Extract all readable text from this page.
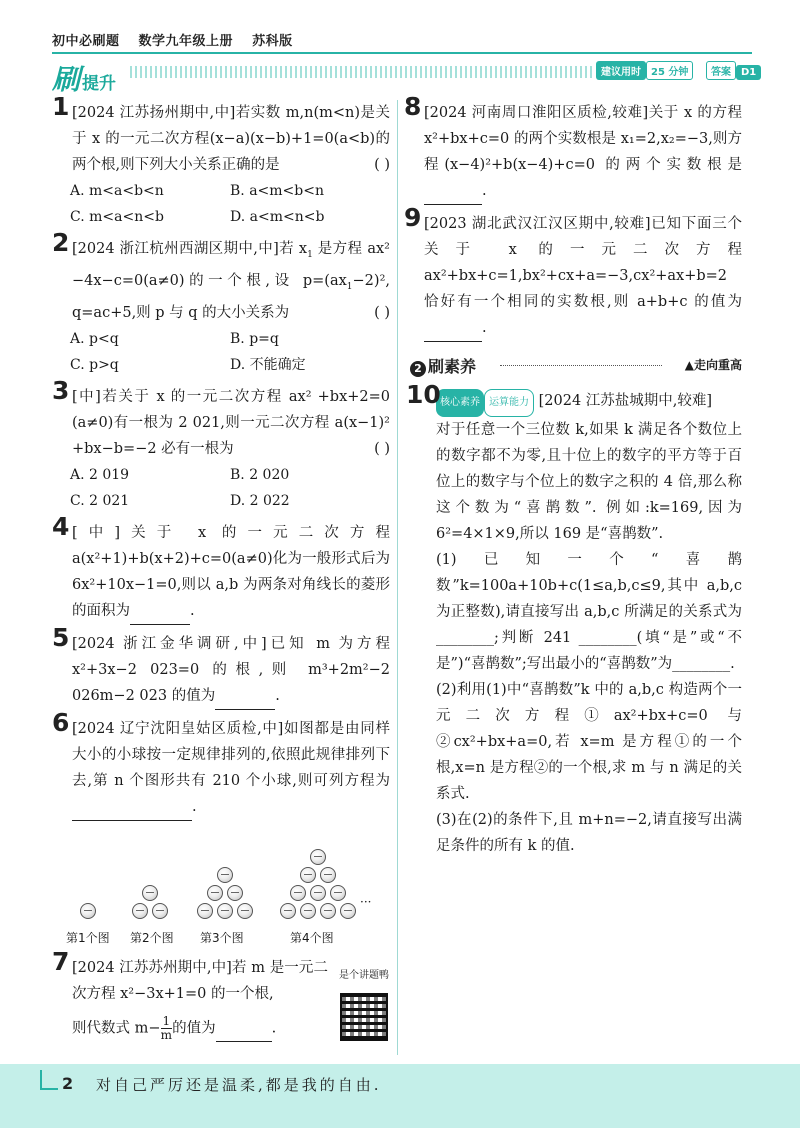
初中必刷题 数学九年级上册 苏科版
刷提升
建议用时 25 分钟	答案 D1
1 [2024 江苏扬州期中,中]若实数 m,n(m<n)是关于 x 的一元二次方程(x−a)(x−b)+1=0(a<b)的两个根,则下列大小关系正确的是	( )
A. m<a<b<n	B. a<m<b<n
C. m<a<n<b	D. a<m<n<b
2 [2024 浙江杭州西湖区期中,中]若 $x_1$ 是方程 ax² −4x−c=0(a≠0)的一个根,设 $p=(ax_1-2)^2$, q=ac+5,则 p 与 q 的大小关系为	( )
A. p<q	B. p=q
C. p>q	D. 不能确定
3 [中]若关于 x 的一元二次方程 ax² +bx+2=0 (a≠0)有一根为 2 021,则一元二次方程 a(x−1)² +bx−b=−2 必有一根为	( )
A. 2 019	B. 2 020
C. 2 021	D. 2 022
4 [中]关于 x 的一元二次方程 a(x²+1)+b(x+2)+c=0(a≠0)化为一般形式后为 6x²+10x−1=0,则以 a,b 为两条对角线长的菱形的面积为	.
5 [2024 浙江金华调研,中]已知 m 为方程 x²+3x−2 023=0 的根,则 m³+2m²−2 026m−2 023 的值为	.
6 [2024 辽宁沈阳皇姑区质检,中]如图都是由同样大小的小球按一定规律排列的,依照此规律排列下去,第 n 个图形共有 210 个小球,则可列方程为 .
···
第1个图 第2个图 第3个图	第4个图
7 [2024 江苏苏州期中,中]若 m 是一元二次方程 x²−3x+1=0 的一个根,
则代数式 $m- \frac{1}{m}$ 的值为	.
是个讲题鸭
8 [2024 河南周口淮阳区质检,较难]关于 x 的方程 x²+bx+c=0 的两个实数根是 x₁=2,x₂=−3,则方程(x−4)²+b(x−4)+c=0 的两个实数根是 .
9 [2023 湖北武汉江汉区期中,较难]已知下面三个关于 x 的一元二次方程 ax²+bx+c=1,bx²+cx+a=−3,cx²+ax+b=2 恰好有一个相同的实数根,则 a+b+c 的值为 .
2 刷素养	▲走向重高
10 核心素养 运算能力 [2024 江苏盐城期中,较难]
对于任意一个三位数 k,如果 k 满足各个数位上的数字都不为零,且十位上的数字的平方等于百位上的数字与个位上的数字之积的 4 倍,那么称这个数为“喜鹊数”. 例如:k=169,因为 6²=4×1×9,所以 169 是“喜鹊数”.
(1)已知一个“喜鹊数”k=100a+10b+c(1≤a,b,c≤9,其中 a,b,c 为正整数),请直接写出 a,b,c 所满足的关系式为________;判断 241 ________(填“是”或“不是”)“喜鹊数”;写出最小的“喜鹊数”为________.
(2)利用(1)中“喜鹊数”k 中的 a,b,c 构造两个一元二次方程①ax²+bx+c=0 与②cx²+bx+a=0,若 x=m 是方程①的一个根,x=n 是方程②的一个根,求 m 与 n 满足的关系式.
(3)在(2)的条件下,且 m+n=−2,请直接写出满足条件的所有 k 的值.
2 对自己严厉还是温柔,都是我的自由.
